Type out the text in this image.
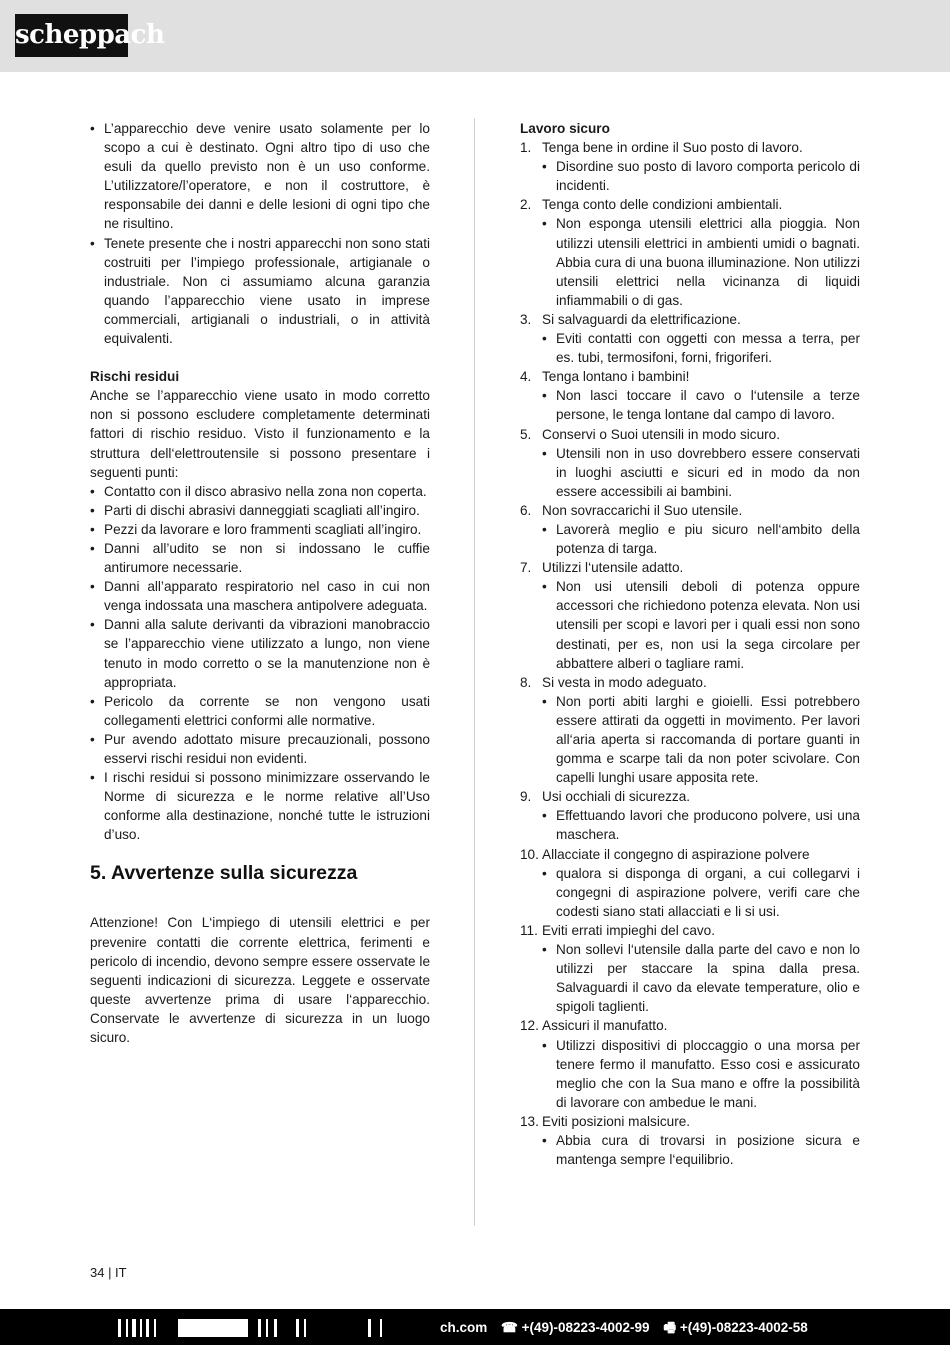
scheppach
• L’apparecchio deve venire usato solamente per lo scopo a cui è destinato. Ogni altro tipo di uso che esuli da quello previsto non è un uso conforme. L’utilizzatore/l’operatore, e non il costruttore, è responsabile dei danni e delle lesioni di ogni tipo che ne risultino.
• Tenete presente che i nostri apparecchi non sono stati costruiti per l’impiego professionale, artigianale o industriale. Non ci assumiamo alcuna garanzia quando l’apparecchio viene usato in imprese commerciali, artigianali o industriali, o in attività equivalenti.

Rischi residui

Anche se l’apparecchio viene usato in modo corretto non si possono escludere completamente determinati fattori di rischio residuo. Visto il funzionamento e la struttura dell‘elettroutensile si possono presentare i seguenti punti:

• Contatto con il disco abrasivo nella zona non coperta.
• Parti di dischi abrasivi danneggiati scagliati all’ingiro.
• Pezzi da lavorare e loro frammenti scagliati all’ingiro.
• Danni all’udito se non si indossano le cuffie antirumore necessarie.
• Danni all’apparato respiratorio nel caso in cui non venga indossata una maschera antipolvere adeguata.
• Danni alla salute derivanti da vibrazioni manobraccio se l’apparecchio viene utilizzato a lungo, non viene tenuto in modo corretto o se la manutenzione non è appropriata.
• Pericolo da corrente se non vengono usati collegamenti elettrici conformi alle normative.
• Pur avendo adottato misure precauzionali, possono esservi rischi residui non evidenti.
• I rischi residui si possono minimizzare osservando le Norme di sicurezza e le norme relative all’Uso conforme alla destinazione, nonché tutte le istruzioni d’uso.

5. Avvertenze sulla sicurezza

Attenzione! Con L‘impiego di utensili elettrici e per prevenire contatti die corrente elettrica, ferimenti e pericolo di incendio, devono sempre essere osservate le seguenti indicazioni di sicurezza. Leggete e osservate queste avvertenze prima di usare l‘apparecchio. Conservate le avvertenze di sicurezza in un luogo sicuro.

Lavoro sicuro

1. Tenga bene in ordine il Suo posto di lavoro.
• Disordine suo posto di lavoro comporta pericolo di incidenti.
2. Tenga conto delle condizioni ambientali.
• Non esponga utensili elettrici alla pioggia. Non utilizzi utensili elettrici in ambienti umidi o bagnati. Abbia cura di una buona illuminazione. Non utilizzi utensili elettrici nella vicinanza di liquidi infiammabili o di gas.
3. Si salvaguardi da elettrificazione.
• Eviti contatti con oggetti con messa a terra, per es. tubi, termosifoni, forni, frigoriferi.
4. Tenga lontano i bambini!
• Non lasci toccare il cavo o l‘utensile a terze persone, le tenga lontane dal campo di lavoro.
5. Conservi o Suoi utensili in modo sicuro.
• Utensili non in uso dovrebbero essere conservati in luoghi asciutti e sicuri ed in modo da non essere accessibili ai bambini.
6. Non sovraccarichi il Suo utensile.
• Lavorerà meglio e piu sicuro nell‘ambito della potenza di targa.
7. Utilizzi l‘utensile adatto.
• Non usi utensili deboli di potenza oppure accessori che richiedono potenza elevata. Non usi utensili per scopi e lavori per i quali essi non sono destinati, per es, non usi la sega circolare per abbattere alberi o tagliare rami.
8. Si vesta in modo adeguato.
• Non porti abiti larghi e gioielli. Essi potrebbero essere attirati da oggetti in movimento. Per lavori all‘aria aperta si raccomanda di portare guanti in gomma e scarpe tali da non poter scivolare. Con capelli lunghi usare apposita rete.
9. Usi occhiali di sicurezza.
• Effettuando lavori che producono polvere, usi una maschera.
10. Allacciate il congegno di aspirazione polvere
• qualora si disponga di organi, a cui collegarvi i congegni di aspirazione polvere, verifi care che codesti siano stati allacciati e li si usi.
11. Eviti errati impieghi del cavo.
• Non sollevi l‘utensile dalla parte del cavo e non lo utilizzi per staccare la spina dalla presa. Salvaguardi il cavo da elevate temperature, olio e spigoli taglienti.
12. Assicuri il manufatto.
• Utilizzi dispositivi di ploccaggio o una morsa per tenere fermo il manufatto. Esso cosi e assicurato meglio che con la Sua mano e offre la possibilità di lavorare con ambedue le mani.
13. Eviti posizioni malsicure.
• Abbia cura di trovarsi in posizione sicura e mantenga sempre l‘equilibrio.
34 | IT
ch.com ☎ +(49)-08223-4002-99 🖷 +(49)-08223-4002-58
